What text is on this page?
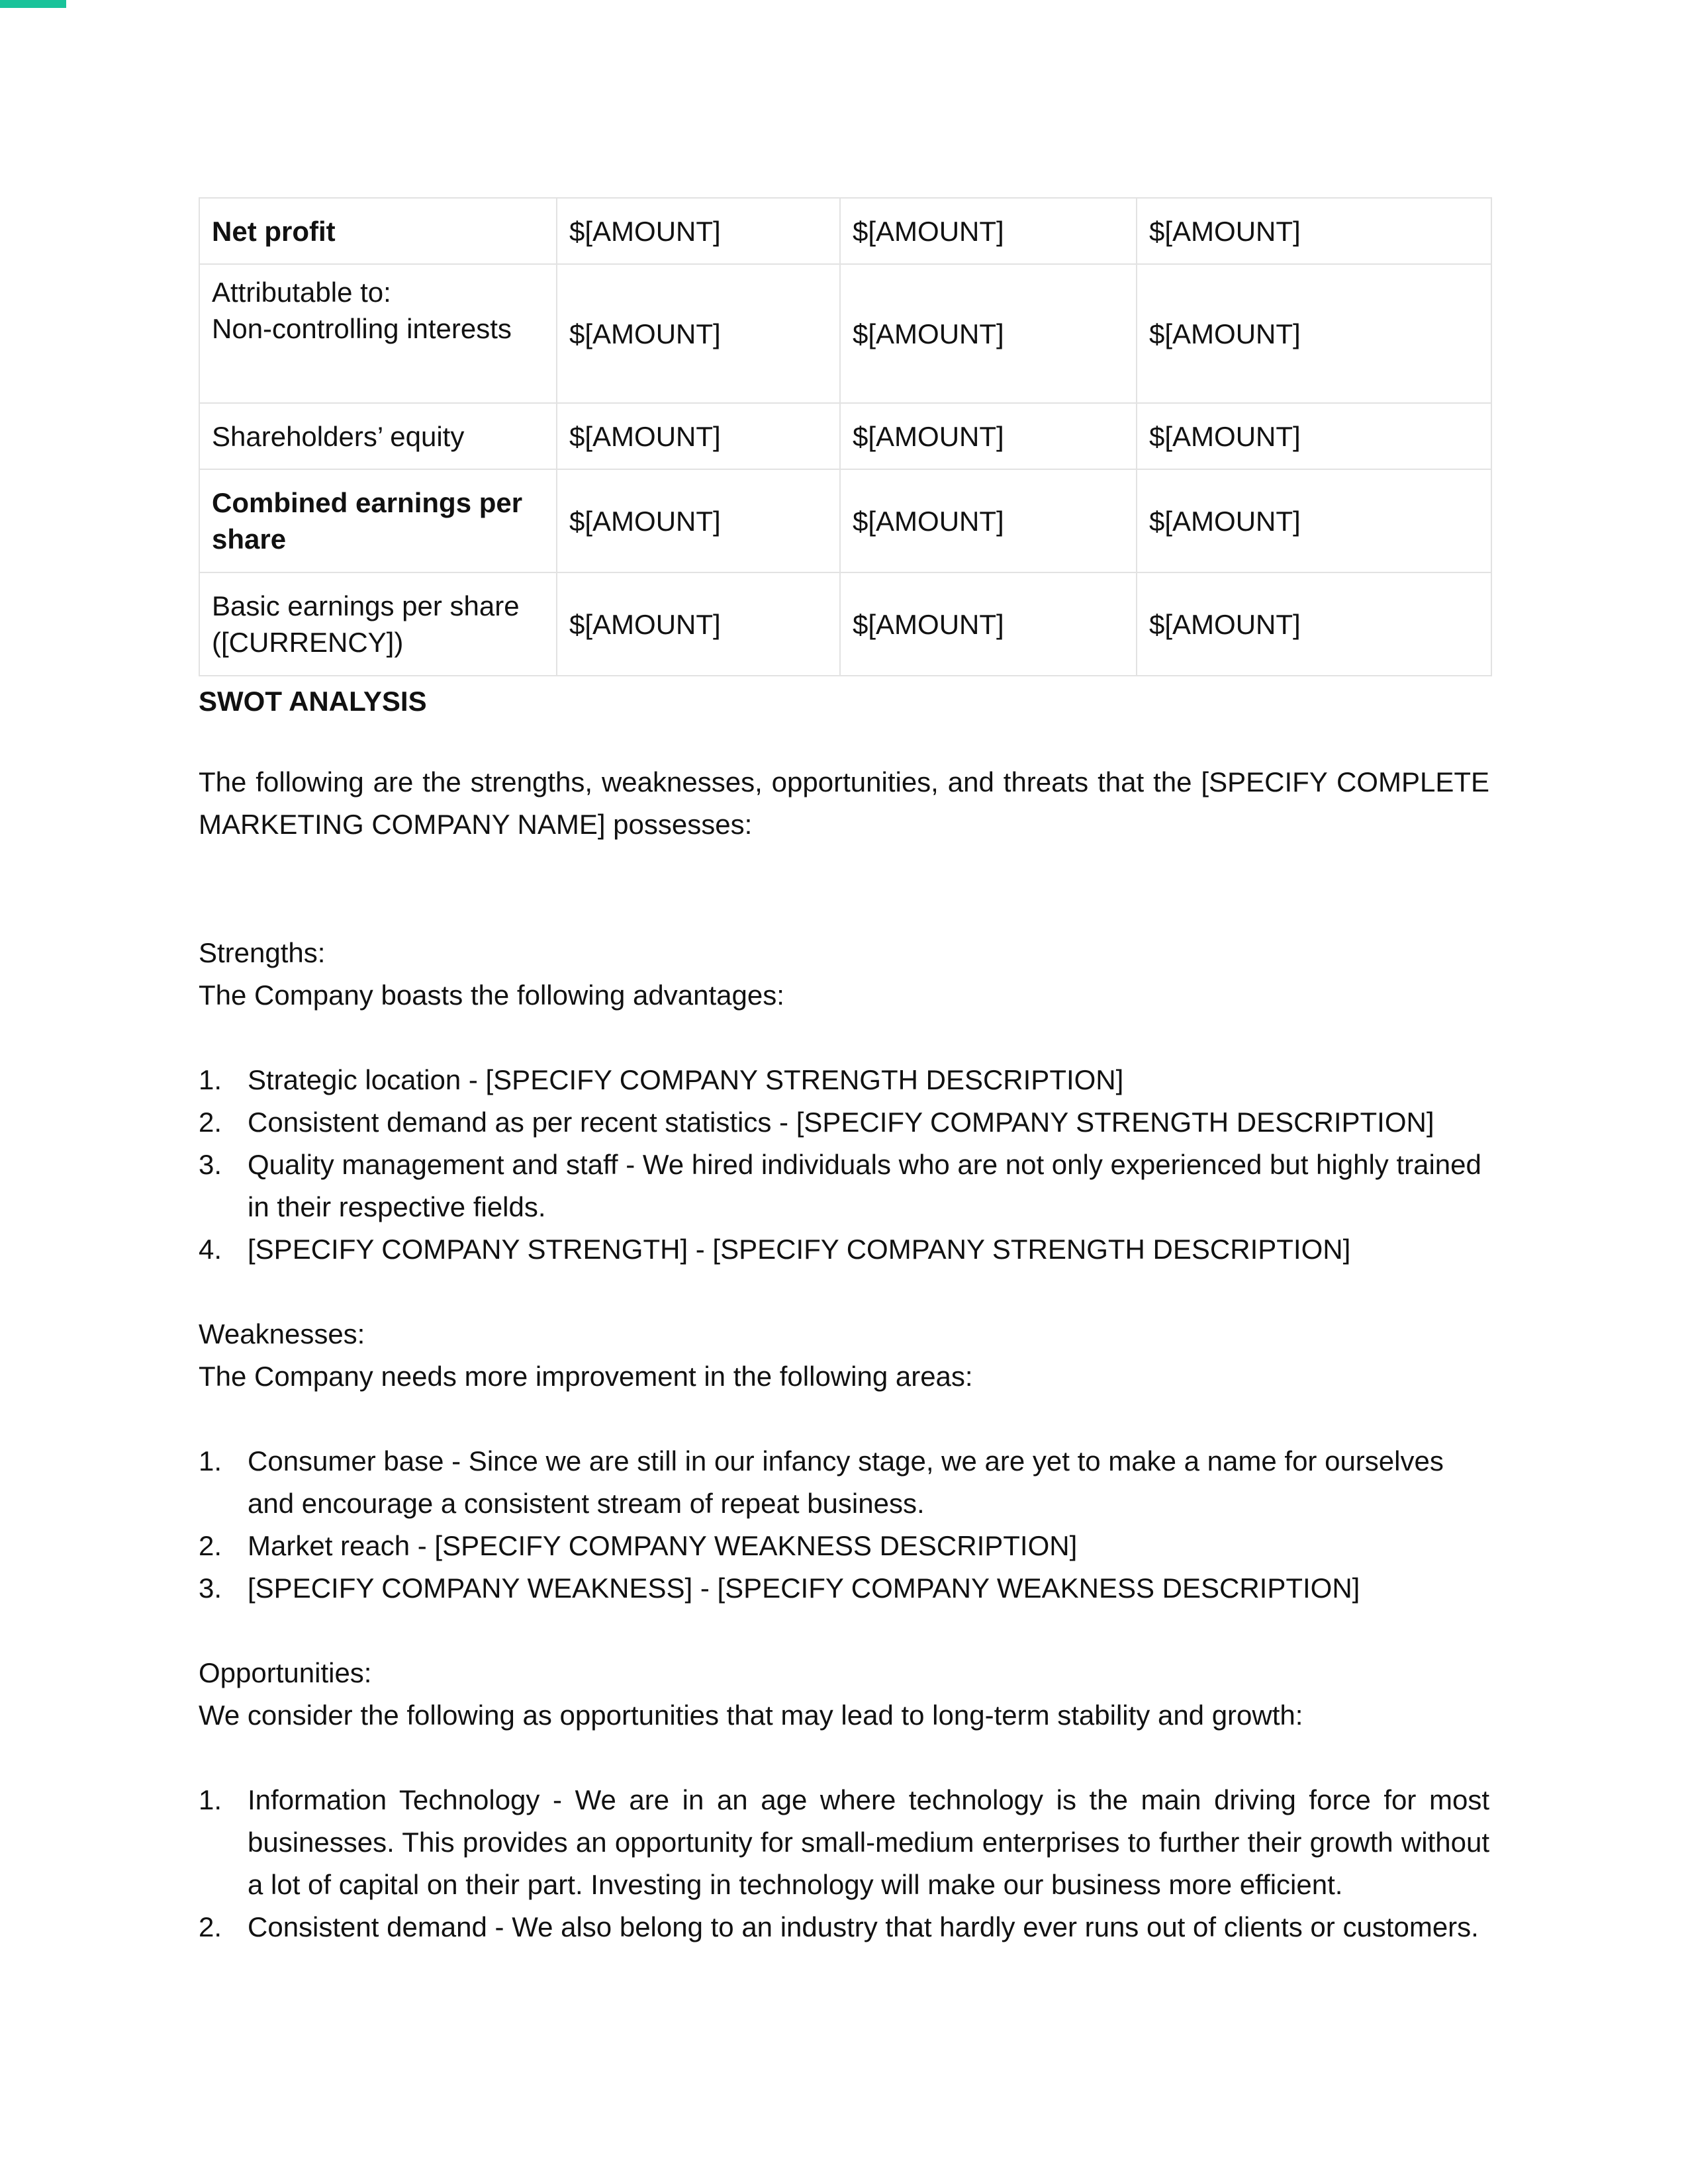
Net profit	$[AMOUNT]	$[AMOUNT]	$[AMOUNT]

Attributable to:
Non-controlling interests	$[AMOUNT]	$[AMOUNT]	$[AMOUNT]
Shareholders’ equity	$[AMOUNT]	$[AMOUNT]	$[AMOUNT]

Combined earnings per
share	$[AMOUNT]	$[AMOUNT]	$[AMOUNT]

Basic earnings per share
([CURRENCY])	$[AMOUNT]	$[AMOUNT]	$[AMOUNT]
SWOT ANALYSIS

The following are the strengths, weaknesses, opportunities, and threats that the [SPECIFY COMPLETE MARKETING COMPANY NAME] possesses:

Strengths:

The Company boasts the following advantages:

1. Strategic location - [SPECIFY COMPANY STRENGTH DESCRIPTION]
2. Consistent demand as per recent statistics - [SPECIFY COMPANY STRENGTH DESCRIPTION]
3. Quality management and staff - We hired individuals who are not only experienced but highly trained in their respective fields.
4. [SPECIFY COMPANY STRENGTH] - [SPECIFY COMPANY STRENGTH DESCRIPTION]

Weaknesses:

The Company needs more improvement in the following areas:

1. Consumer base - Since we are still in our infancy stage, we are yet to make a name for ourselves and encourage a consistent stream of repeat business.
2. Market reach - [SPECIFY COMPANY WEAKNESS DESCRIPTION]
3. [SPECIFY COMPANY WEAKNESS] - [SPECIFY COMPANY WEAKNESS DESCRIPTION]

Opportunities:

We consider the following as opportunities that may lead to long-term stability and growth:

1. Information Technology - We are in an age where technology is the main driving force for most businesses. This provides an opportunity for small-medium enterprises to further their growth without a lot of capital on their part. Investing in technology will make our business more efficient.
2. Consistent demand - We also belong to an industry that hardly ever runs out of clients or customers.
